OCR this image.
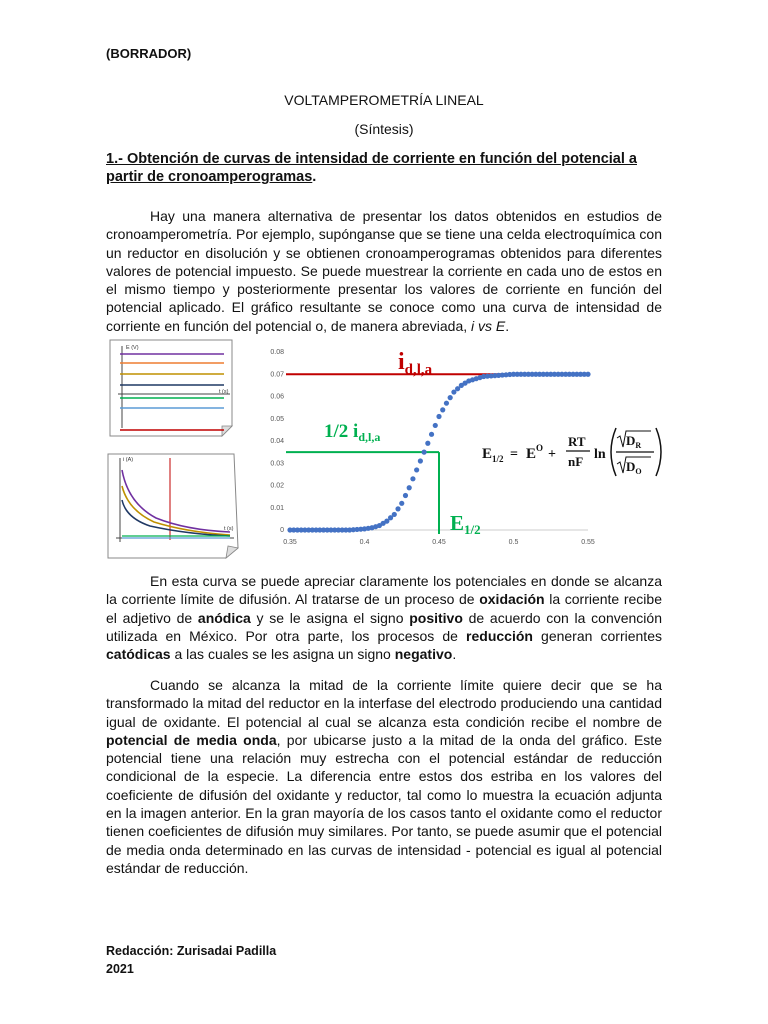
(BORRADOR)
VOLTAMPEROMETRÍA LINEAL
(Síntesis)
1.- Obtención de curvas de intensidad de corriente en función del potencial a partir de cronoamperogramas.
Hay una manera alternativa de presentar los datos obtenidos en estudios de cronoamperometría. Por ejemplo, supónganse que se tiene una celda electroquímica con un reductor en disolución y se obtienen cronoamperogramas obtenidos para diferentes valores de potencial impuesto. Se puede muestrear la corriente en cada uno de estos en el mismo tiempo y posteriormente presentar los valores de corriente en función del potencial aplicado. El gráfico resultante se conoce como una curva de intensidad de corriente en función del potencial o, de manera abreviada, i vs E.
E (V)
t (s)
i (A)
t (s)	0
0.01
0.02
0.03
0.04
0.05
0.06
0.07
0.08
0.35	0.4	0.45	0.5	0.55
$i_{d,l,a}$
1/2 $i_{d,l,a}$
E1/2
$E_{1/2} = E^O$ +
RT
nF ln
$D_R$
$D_O$
En esta curva se puede apreciar claramente los potenciales en donde se alcanza la corriente límite de difusión. Al tratarse de un proceso de oxidación la corriente recibe el adjetivo de anódica y se le asigna el signo positivo de acuerdo con la convención utilizada en México. Por otra parte, los procesos de reducción generan corrientes catódicas a las cuales se les asigna un signo negativo.
Cuando se alcanza la mitad de la corriente límite quiere decir que se ha transformado la mitad del reductor en la interfase del electrodo produciendo una cantidad igual de oxidante. El potencial al cual se alcanza esta condición recibe el nombre de potencial de media onda, por ubicarse justo a la mitad de la onda del gráfico. Este potencial tiene una relación muy estrecha con el potencial estándar de reducción condicional de la especie. La diferencia entre estos dos estriba en los valores del coeficiente de difusión del oxidante y reductor, tal como lo muestra la ecuación adjunta en la imagen anterior. En la gran mayoría de los casos tanto el oxidante como el reductor tienen coeficientes de difusión muy similares. Por tanto, se puede asumir que el potencial de media onda determinado en las curvas de intensidad - potencial es igual al potencial estándar de reducción.
Redacción: Zurisadai Padilla
2021
